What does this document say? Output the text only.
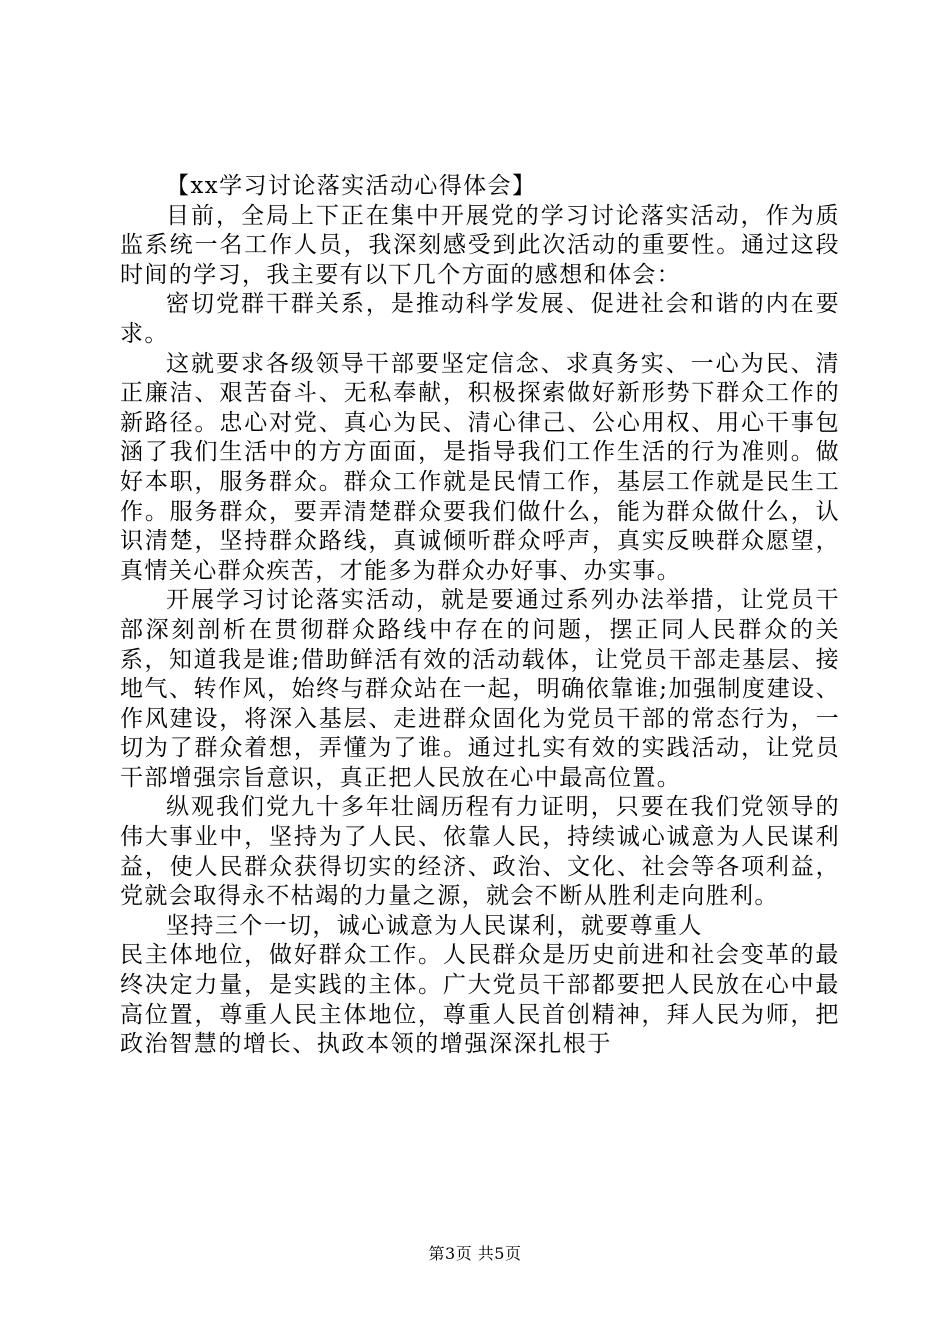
【xx学习讨论落实活动心得体会】

目前，全局上下正在集中开展党的学习讨论落实活动，作为质监系统一名工作人员，我深刻感受到此次活动的重要性。通过这段时间的学习，我主要有以下几个方面的感想和体会：

密切党群干群关系，是推动科学发展、促进社会和谐的内在要求。

这就要求各级领导干部要坚定信念、求真务实、一心为民、清正廉洁、艰苦奋斗、无私奉献，积极探索做好新形势下群众工作的新路径。忠心对党、真心为民、清心律己、公心用权、用心干事包涵了我们生活中的方方面面，是指导我们工作生活的行为准则。做好本职，服务群众。群众工作就是民情工作，基层工作就是民生工作。服务群众，要弄清楚群众要我们做什么，能为群众做什么，认识清楚，坚持群众路线，真诚倾听群众呼声，真实反映群众愿望，真情关心群众疾苦，才能多为群众办好事、办实事。

开展学习讨论落实活动，就是要通过系列办法举措，让党员干部深刻剖析在贯彻群众路线中存在的问题，摆正同人民群众的关系，知道我是谁;借助鲜活有效的活动载体，让党员干部走基层、接地气、转作风，始终与群众站在一起，明确依靠谁;加强制度建设、作风建设，将深入基层、走进群众固化为党员干部的常态行为，一切为了群众着想，弄懂为了谁。通过扎实有效的实践活动，让党员干部增强宗旨意识，真正把人民放在心中最高位置。

纵观我们党九十多年壮阔历程有力证明，只要在我们党领导的伟大事业中，坚持为了人民、依靠人民，持续诚心诚意为人民谋利益，使人民群众获得切实的经济、政治、文化、社会等各项利益，党就会取得永不枯竭的力量之源，就会不断从胜利走向胜利。

坚持三个一切，诚心诚意为人民谋利，就要尊重人

民主体地位，做好群众工作。人民群众是历史前进和社会变革的最终决定力量，是实践的主体。广大党员干部都要把人民放在心中最高位置，尊重人民主体地位，尊重人民首创精神，拜人民为师，把政治智慧的增长、执政本领的增强深深扎根于

第3页 共5页
